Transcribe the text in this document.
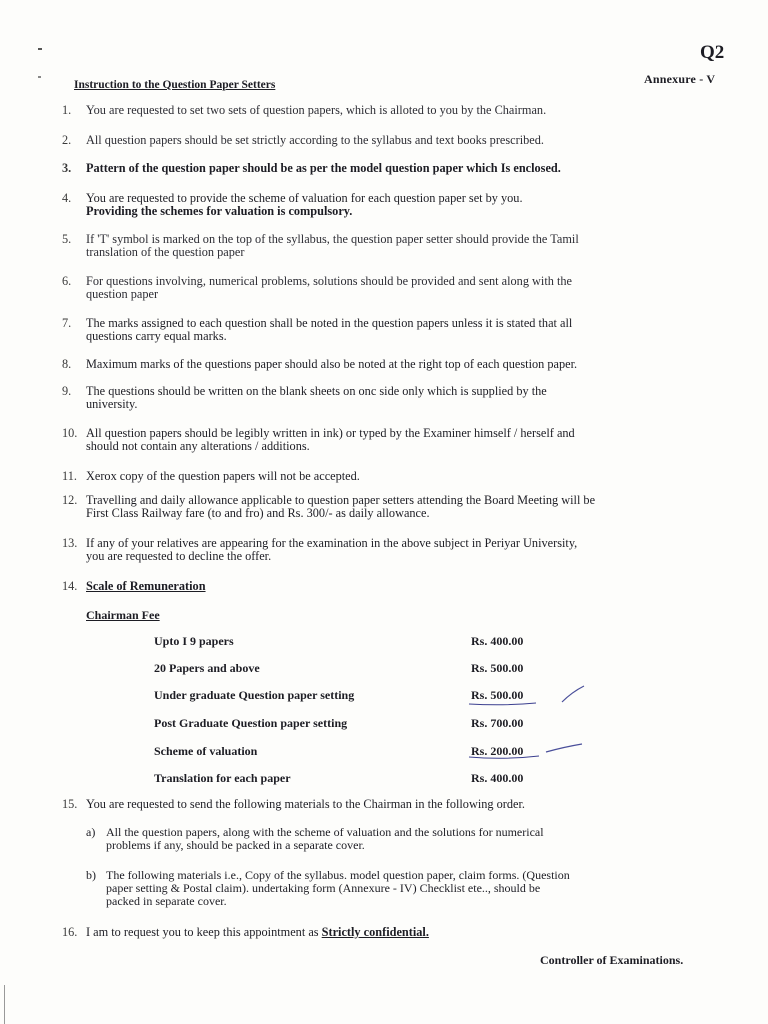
Q2
Annexure - V
Instruction to the Question Paper Setters
1. You are requested to set two sets of question papers, which is alloted to you by the Chairman.
2. All question papers should be set strictly according to the syllabus and text books prescribed.
3. Pattern of the question paper should be as per the model question paper which Is enclosed.
4. You are requested to provide the scheme of valuation for each question paper set by you.
Providing the schemes for valuation is compulsory.
5. If 'T' symbol is marked on the top of the syllabus, the question paper setter should provide the Tamil
translation of the question paper
6. For questions involving, numerical problems, solutions should be provided and sent along with the
question paper
7. The marks assigned to each question shall be noted in the question papers unless it is stated that all
questions carry equal marks.
8. Maximum marks of the questions paper should also be noted at the right top of each question paper.
9. The questions should be written on the blank sheets on onc side only which is supplied by the
university.
10. All question papers should be legibly written in ink) or typed by the Examiner himself / herself and
should not contain any alterations / additions.
11. Xerox copy of the question papers will not be accepted.
12. Travelling and daily allowance applicable to question paper setters attending the Board Meeting will be
First Class Railway fare (to and fro) and Rs. 300/- as daily allowance.
13. If any of your relatives are appearing for the examination in the above subject in Periyar University,
you are requested to decline the offer.
14. Scale of Remuneration
Chairman Fee
Upto I 9 papers	Rs. 400.00
20 Papers and above	Rs. 500.00
Under graduate Question paper setting	Rs. 500.00
Post Graduate Question paper setting	Rs. 700.00
Scheme of valuation	Rs. 200.00
Translation for each paper	Rs. 400.00
15. You are requested to send the following materials to the Chairman in the following order.
a) All the question papers, along with the scheme of valuation and the solutions for numerical
problems if any, should be packed in a separate cover.
b) The following materials i.e., Copy of the syllabus. model question paper, claim forms. (Question
paper setting & Postal claim). undertaking form (Annexure - IV) Checklist ete.., should be
packed in separate cover.
16. I am to request you to keep this appointment as Strictly confidential.
Controller of Examinations.
